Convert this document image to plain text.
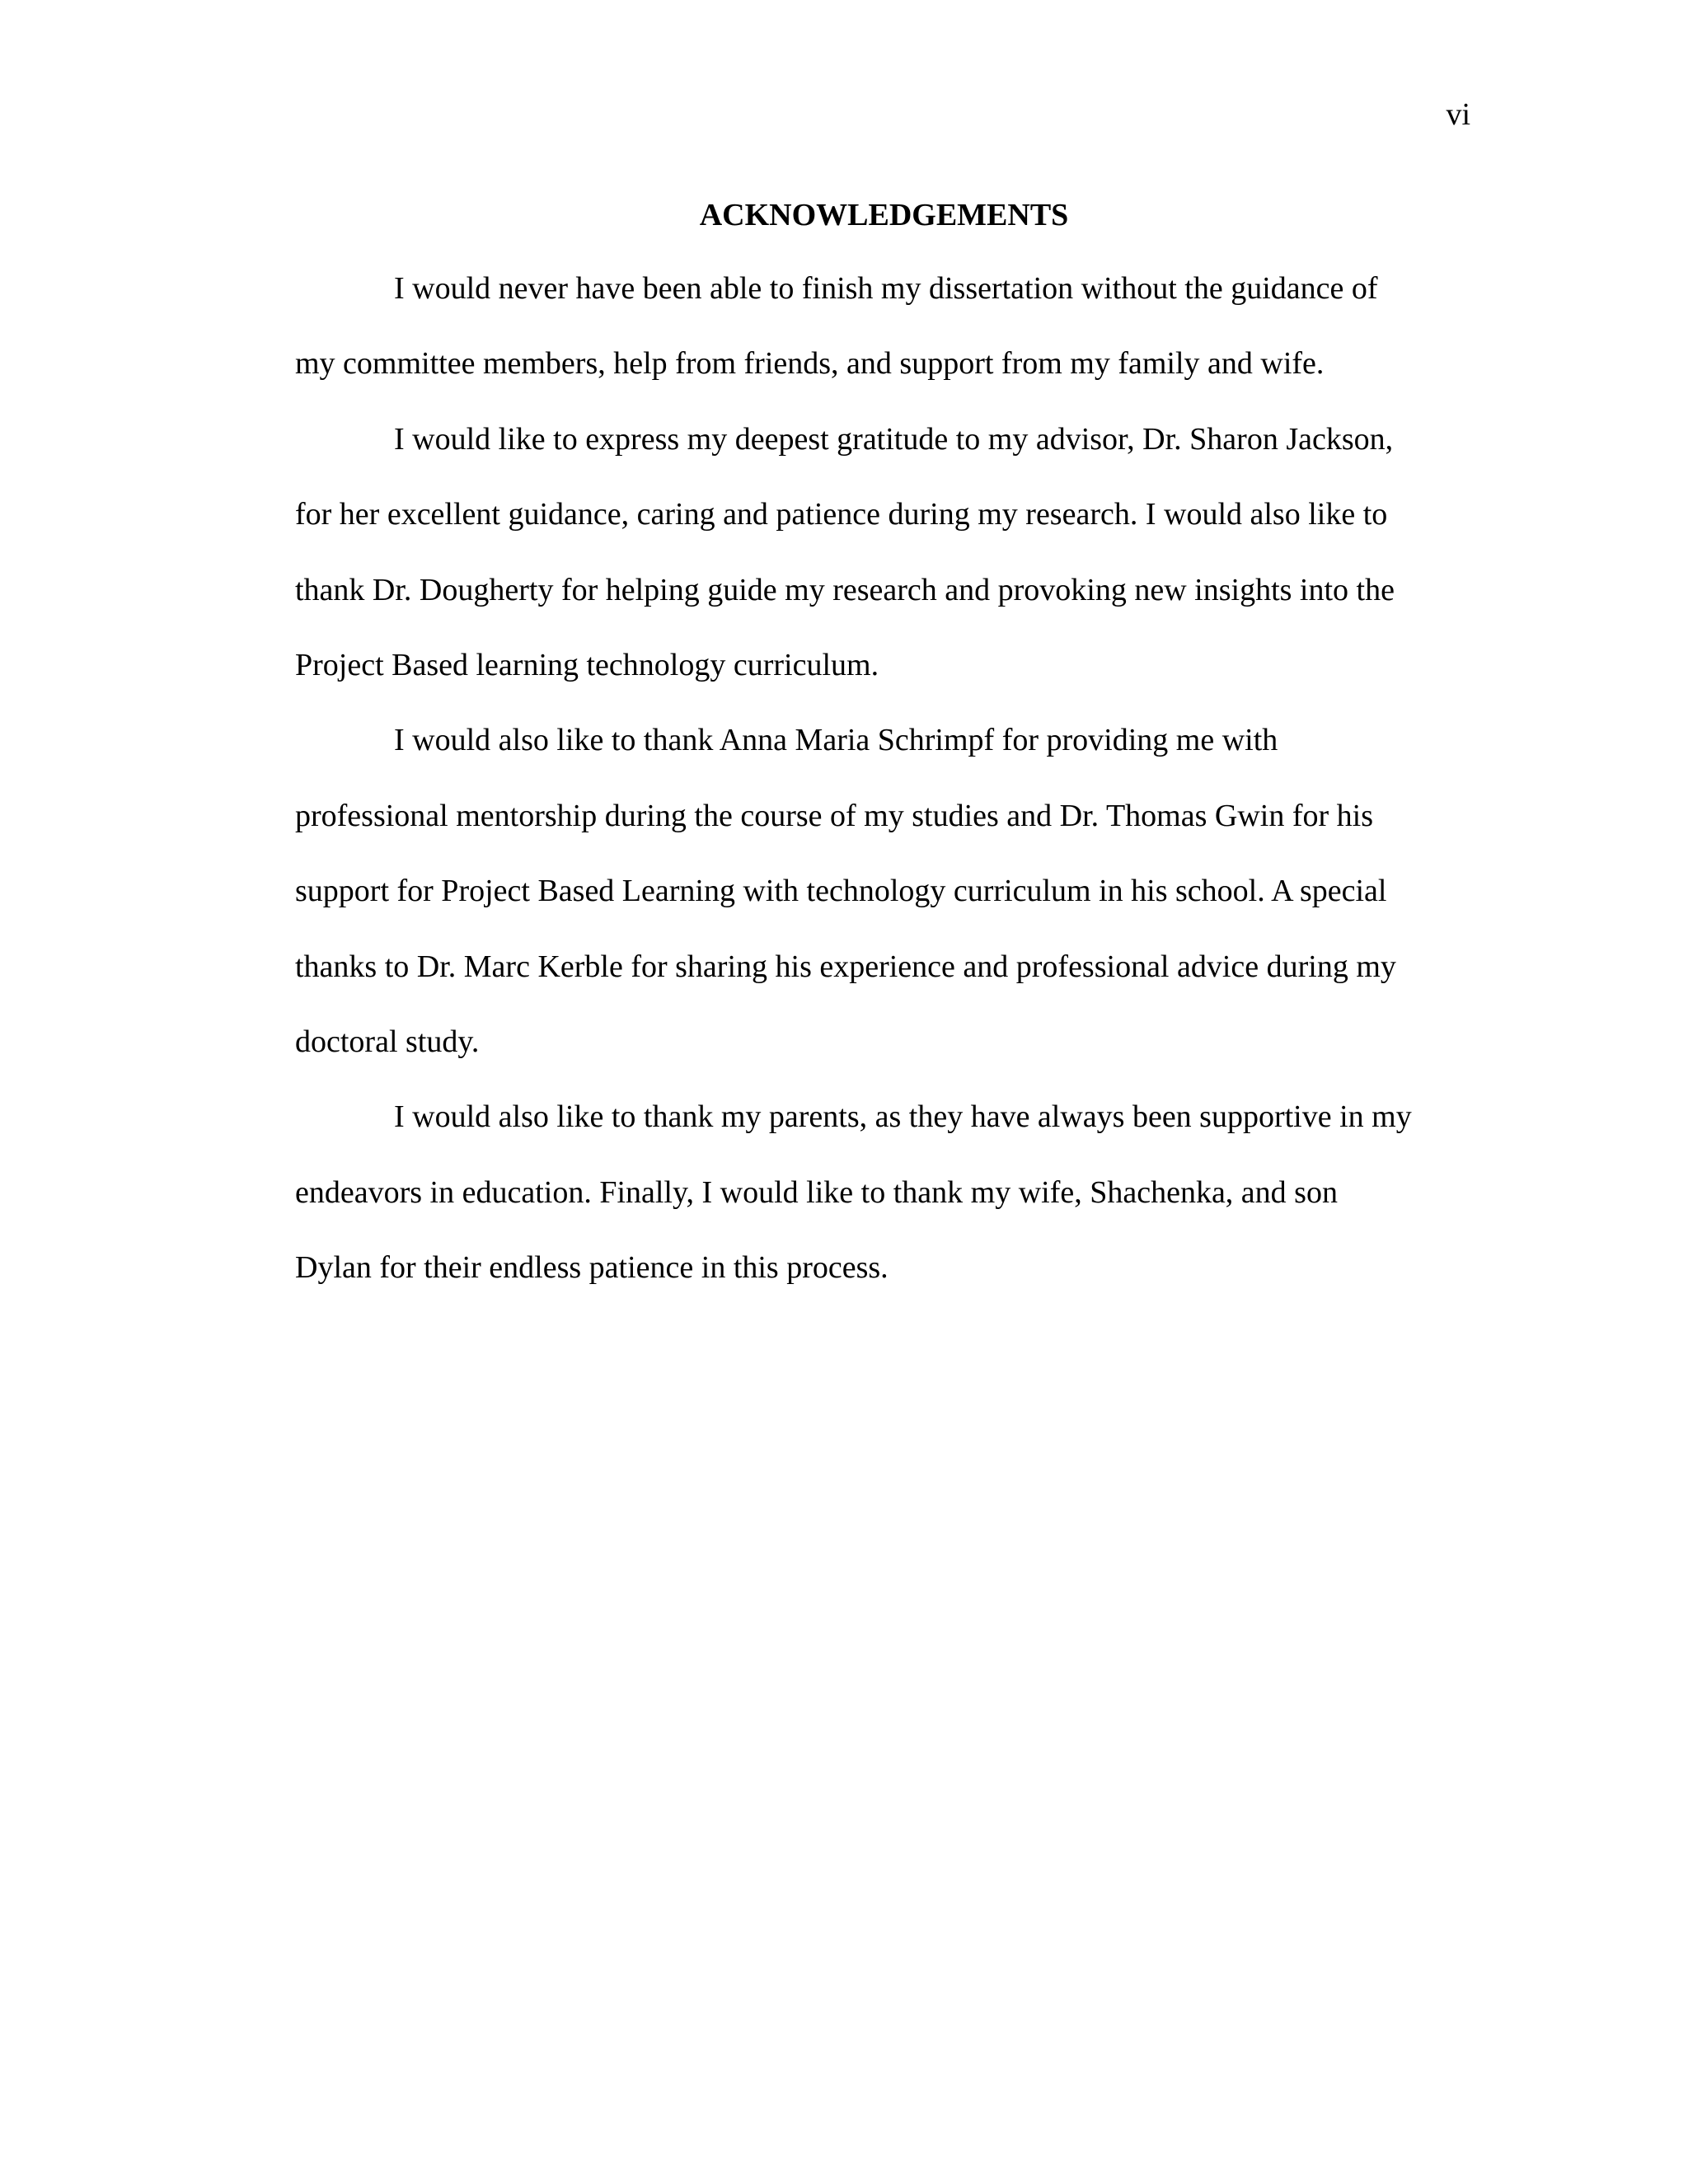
vi
ACKNOWLEDGEMENTS

I would never have been able to finish my dissertation without the guidance of
my committee members, help from friends, and support from my family and wife.

I would like to express my deepest gratitude to my advisor, Dr. Sharon Jackson,
for her excellent guidance, caring and patience during my research. I would also like to
thank Dr. Dougherty for helping guide my research and provoking new insights into the
Project Based learning technology curriculum.

I would also like to thank Anna Maria Schrimpf for providing me with
professional mentorship during the course of my studies and Dr. Thomas Gwin for his
support for Project Based Learning with technology curriculum in his school. A special
thanks to Dr. Marc Kerble for sharing his experience and professional advice during my
doctoral study.

I would also like to thank my parents, as they have always been supportive in my
endeavors in education. Finally, I would like to thank my wife, Shachenka, and son
Dylan for their endless patience in this process.
